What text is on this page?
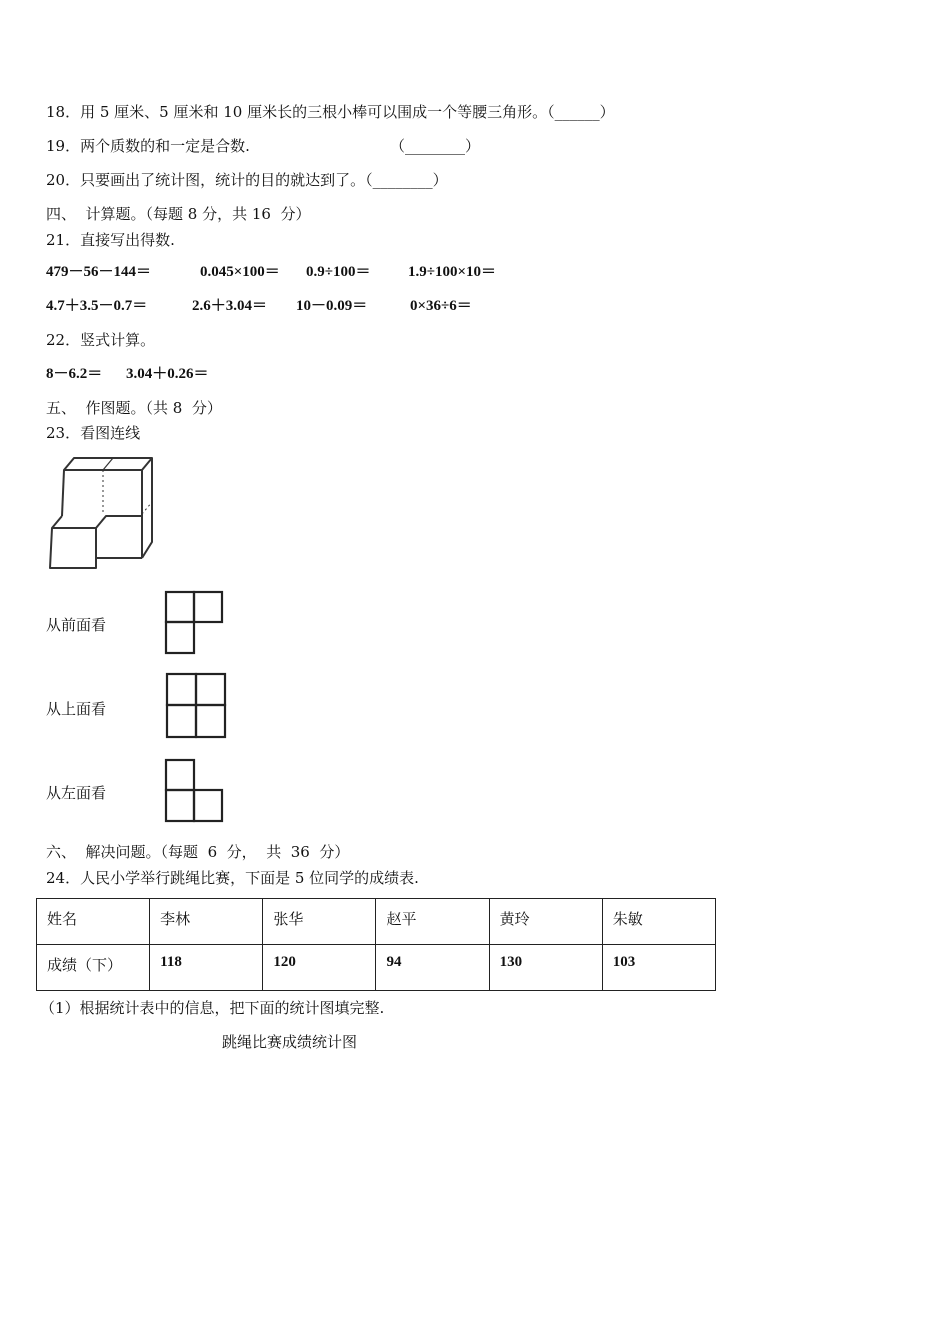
18．用 5 厘米、5 厘米和 10 厘米长的三根小棒可以围成一个等腰三角形。（______）
19．两个质数的和一定是合数.	（________）
20．只要画出了统计图，统计的目的就达到了。（________）
四、  计算题。（每题 8 分，共 16  分）
21．直接写出得数.

479－56－144＝

	0.045×100＝

0.9÷100＝

	1.9÷100×10＝

4.7＋3.5－0.7＝

	2.6＋3.04＝

10－0.09＝

	0×36÷6＝

22．竖式计算。

8－6.2＝

3.04＋0.26＝

五、  作图题。（共 8  分）
23．看图连线
从前面看
从上面看
从左面看
六、  解决问题。（每题  6  分，  共  36  分）
24．人民小学举行跳绳比赛，下面是 5 位同学的成绩表.
姓名	李林	张华	赵平	黄玲	朱敏
成绩（下）	118	120	94	130	103
（1）根据统计表中的信息，把下面的统计图填完整.
跳绳比赛成绩统计图
